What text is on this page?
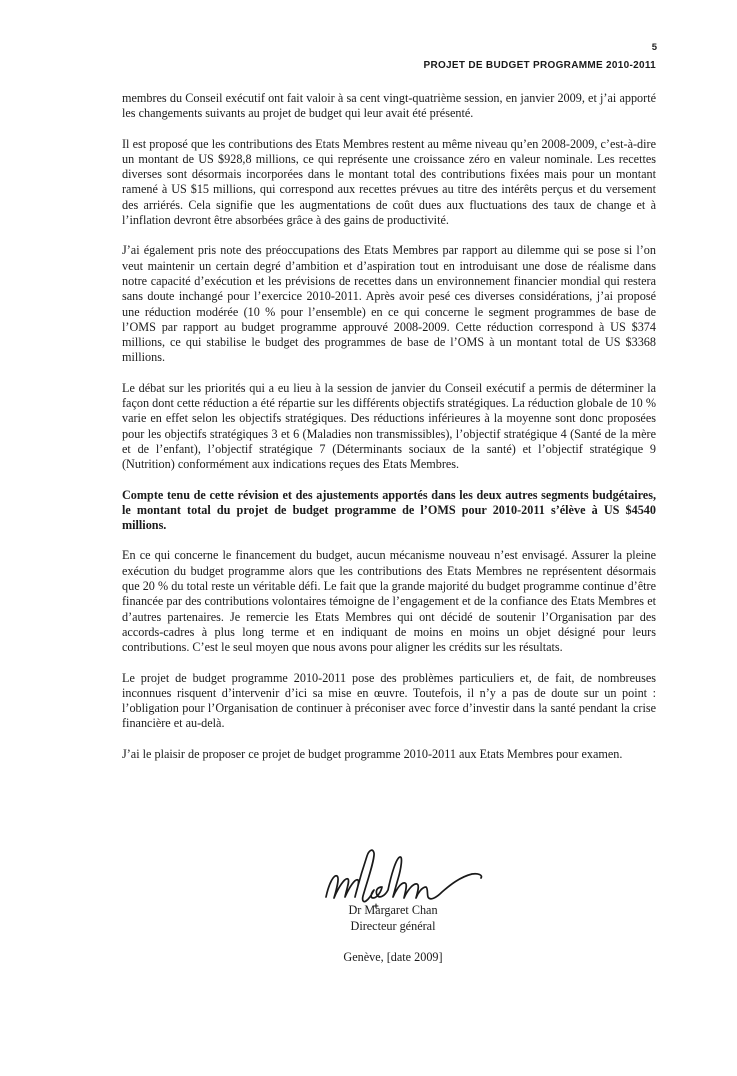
5
PROJET DE BUDGET PROGRAMME 2010-2011

membres du Conseil exécutif ont fait valoir à sa cent vingt-quatrième session, en janvier 2009, et j’ai apporté les changements suivants au projet de budget qui leur avait été présenté.

Il est proposé que les contributions des Etats Membres restent au même niveau qu’en 2008-2009, c’est-à-dire un montant de US $928,8 millions, ce qui représente une croissance zéro en valeur nominale. Les recettes diverses sont désormais incorporées dans le montant total des contributions fixées mais pour un montant ramené à US $15 millions, qui correspond aux recettes prévues au titre des intérêts perçus et du versement des arriérés. Cela signifie que les augmentations de coût dues aux fluctuations des taux de change et à l’inflation devront être absorbées grâce à des gains de productivité.

J’ai également pris note des préoccupations des Etats Membres par rapport au dilemme qui se pose si l’on veut maintenir un certain degré d’ambition et d’aspiration tout en introduisant une dose de réalisme dans notre capacité d’exécution et les prévisions de recettes dans un environnement financier mondial qui restera sans doute inchangé pour l’exercice 2010-2011. Après avoir pesé ces diverses considérations, j’ai proposé une réduction modérée (10 % pour l’ensemble) en ce qui concerne le segment programmes de base de l’OMS par rapport au budget programme approuvé 2008-2009. Cette réduction correspond à US $374 millions, ce qui stabilise le budget des programmes de base de l’OMS à un montant total de US $3368 millions.

Le débat sur les priorités qui a eu lieu à la session de janvier du Conseil exécutif a permis de déterminer la façon dont cette réduction a été répartie sur les différents objectifs stratégiques. La réduction globale de 10 % varie en effet selon les objectifs stratégiques. Des réductions inférieures à la moyenne sont donc proposées pour les objectifs stratégiques 3 et 6 (Maladies non transmissibles), l’objectif stratégique 4 (Santé de la mère et de l’enfant), l’objectif stratégique 7 (Déterminants sociaux de la santé) et l’objectif stratégique 9 (Nutrition) conformément aux indications reçues des Etats Membres.

Compte tenu de cette révision et des ajustements apportés dans les deux autres segments budgétaires, le montant total du projet de budget programme de l’OMS pour 2010-2011 s’élève à US $4540 millions.

En ce qui concerne le financement du budget, aucun mécanisme nouveau n’est envisagé. Assurer la pleine exécution du budget programme alors que les contributions des Etats Membres ne représentent désormais que 20 % du total reste un véritable défi. Le fait que la grande majorité du budget programme continue d’être financée par des contributions volontaires témoigne de l’engagement et de la confiance des Etats Membres et d’autres partenaires. Je remercie les Etats Membres qui ont décidé de soutenir l’Organisation par des accords-cadres à plus long terme et en indiquant de moins en moins un objet désigné pour leurs contributions. C’est le seul moyen que nous avons pour aligner les crédits sur les résultats.

Le projet de budget programme 2010-2011 pose des problèmes particuliers et, de fait, de nombreuses inconnues risquent d’intervenir d’ici sa mise en œuvre. Toutefois, il n’y a pas de doute sur un point : l’obligation pour l’Organisation de continuer à préconiser avec force d’investir dans la santé pendant la crise financière et au-delà.

J’ai le plaisir de proposer ce projet de budget programme 2010-2011 aux Etats Membres pour examen.

Dr Margaret Chan
Directeur général
Genève, [date 2009]
